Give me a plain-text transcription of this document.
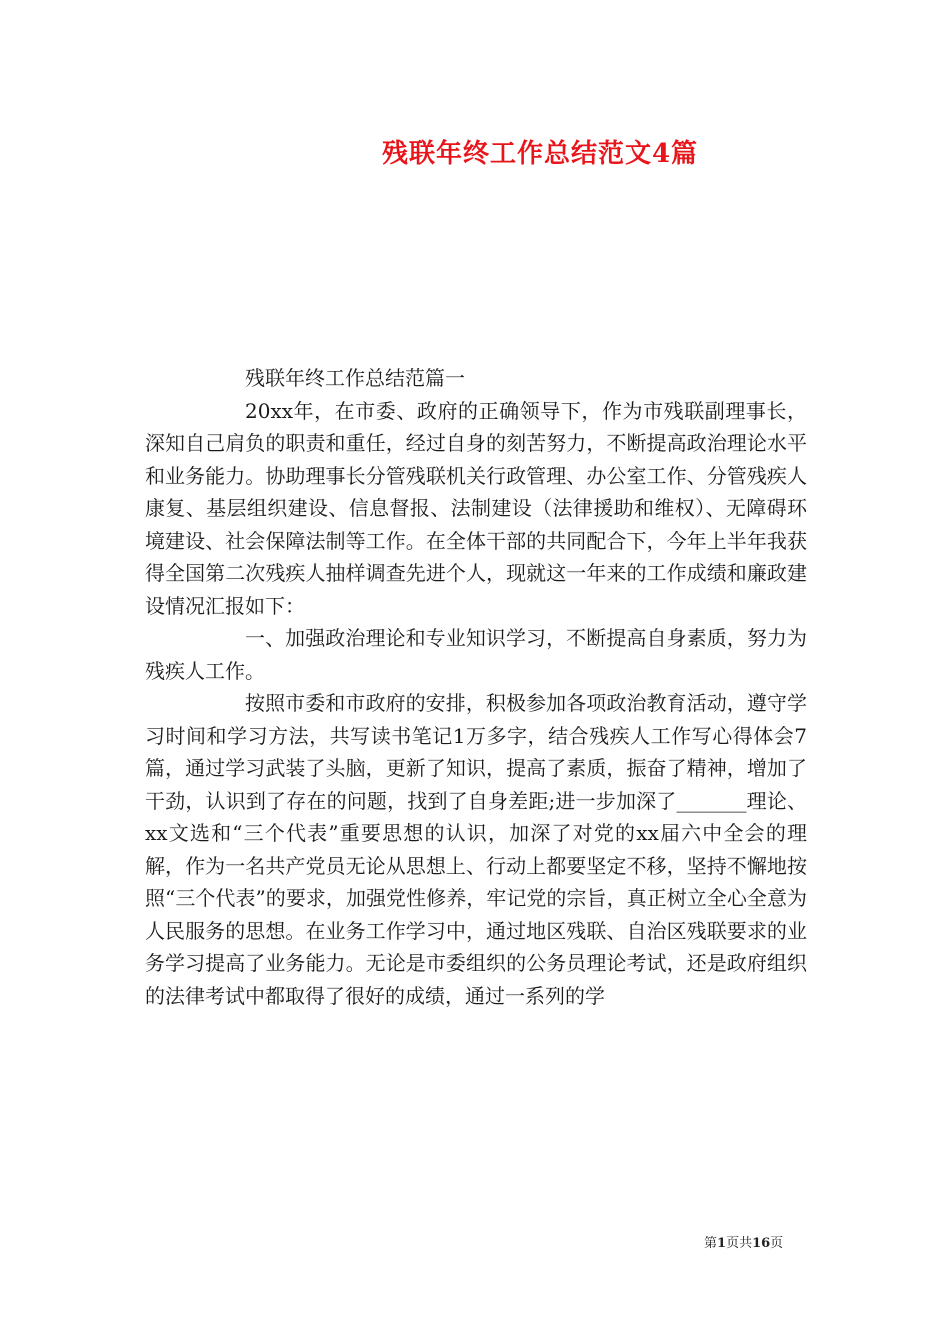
残联年终工作总结范文4篇

残联年终工作总结范篇一

20xx年，在市委、政府的正确领导下，作为市残联副理事长，深知自己肩负的职责和重任，经过自身的刻苦努力，不断提高政治理论水平和业务能力。协助理事长分管残联机关行政管理、办公室工作、分管残疾人康复、基层组织建设、信息督报、法制建设（法律援助和维权）、无障碍环境建设、社会保障法制等工作。在全体干部的共同配合下，今年上半年我获得全国第二次残疾人抽样调查先进个人，现就这一年来的工作成绩和廉政建设情况汇报如下：

一、加强政治理论和专业知识学习，不断提高自身素质，努力为残疾人工作。

按照市委和市政府的安排，积极参加各项政治教育活动，遵守学习时间和学习方法，共写读书笔记1万多字，结合残疾人工作写心得体会7篇，通过学习武装了头脑，更新了知识，提高了素质，振奋了精神，增加了干劲，认识到了存在的问题，找到了自身差距;进一步加深了_______理论、xx文选和“三个代表”重要思想的认识，加深了对党的xx届六中全会的理解，作为一名共产党员无论从思想上、行动上都要坚定不移，坚持不懈地按照“三个代表”的要求，加强党性修养，牢记党的宗旨，真正树立全心全意为人民服务的思想。在业务工作学习中，通过地区残联、自治区残联要求的业务学习提高了业务能力。无论是市委组织的公务员理论考试，还是政府组织的法律考试中都取得了很好的成绩，通过一系列的学

第1页共16页
